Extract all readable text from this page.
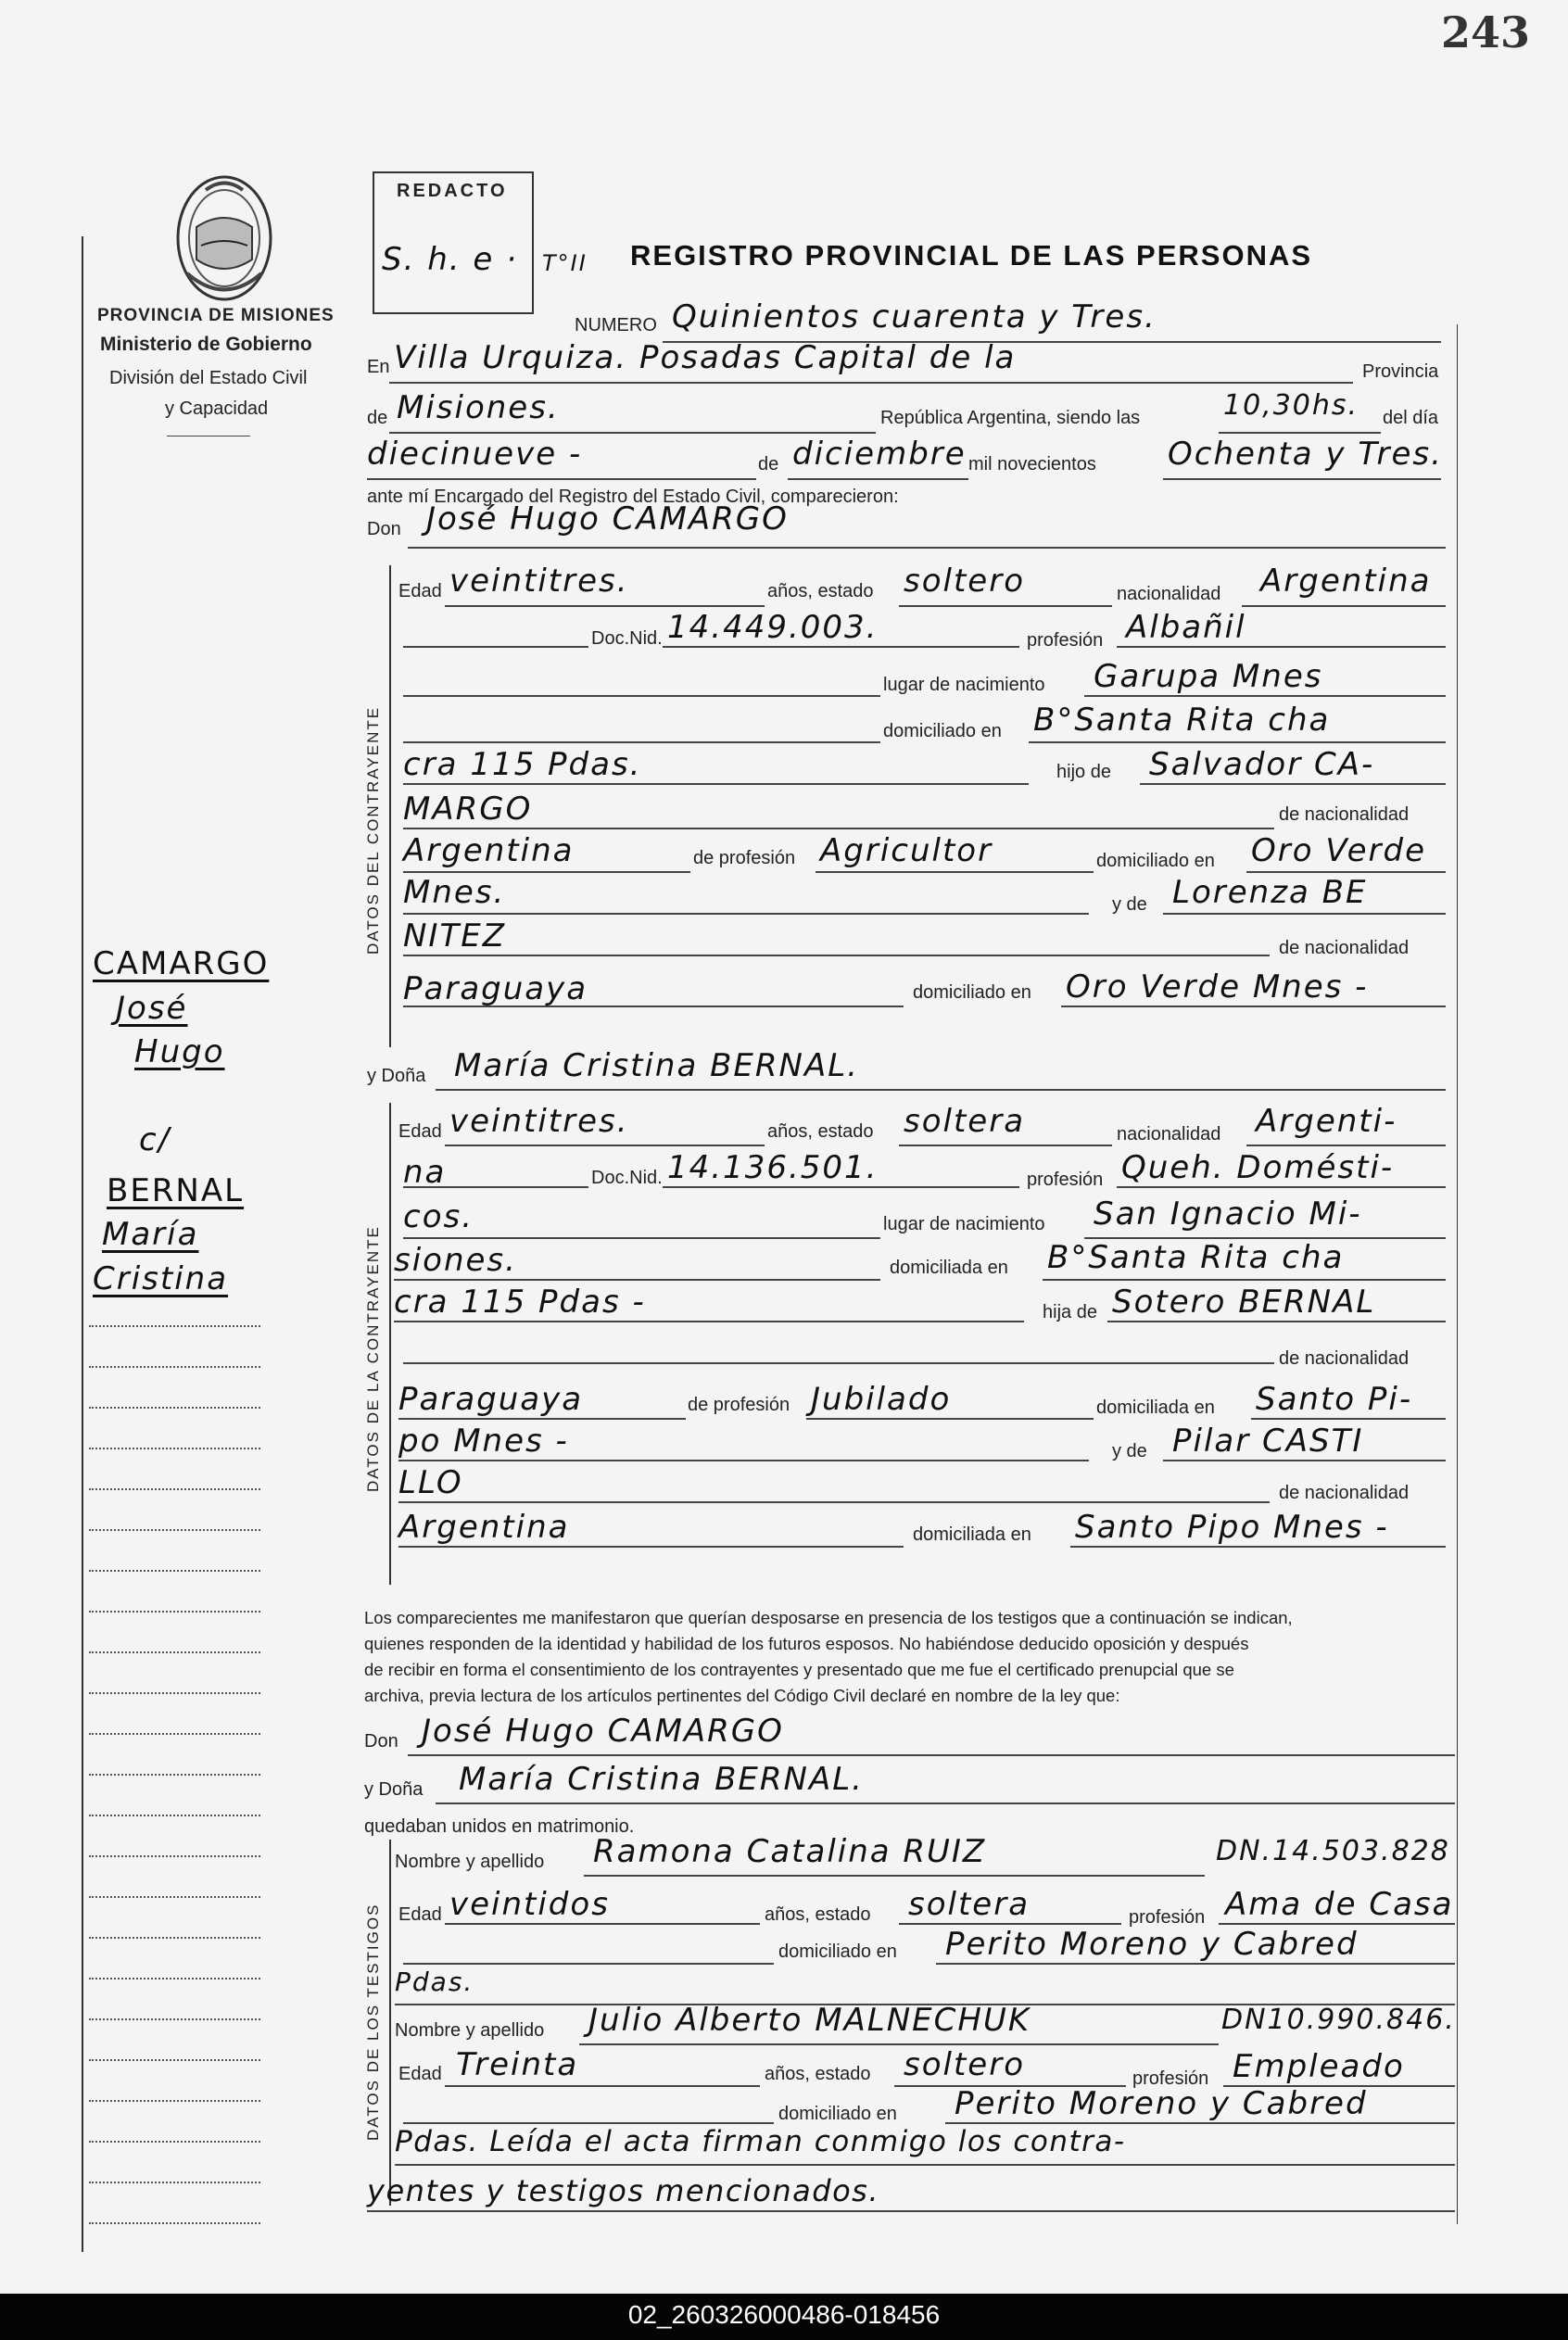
243
PROVINCIA DE MISIONES
Ministerio de Gobierno
División del Estado Civil
y Capacidad
REDACTO
S. h. e · T°II REGISTRO PROVINCIAL DE LAS PERSONAS
NUMERO Quinientos cuarenta y Tres.
En Villa Urquiza. Posadas Capital de la	Provincia
de Misiones.	República Argentina, siendo las	10,30hs. del día
diecinueve -	de diciembre mil novecientos Ochenta y Tres.
ante mí Encargado del Registro del Estado Civil, comparecieron:
Don José Hugo CAMARGO
DATOS DEL CONTRAYENTE
Edad veintitres.	años, estado soltero	nacionalidad Argentina
Doc.Nid. 14.449.003.	profesión Albañil
lugar de nacimiento Garupa Mnes
domiciliado en B°Santa Rita cha
cra 115 Pdas.	hijo de Salvador CA-
MARGO	de nacionalidad
Argentina	de profesión Agricultor	domiciliado en Oro Verde
Mnes.	y de Lorenza BE
NITEZ	de nacionalidad
Paraguaya	domiciliado en Oro Verde Mnes -
y Doña María Cristina BERNAL.
DATOS DE LA CONTRAYENTE
Edad veintitres.	años, estado soltera	nacionalidad Argenti-
na	Doc.Nid. 14.136.501.	profesión Queh. Domésti-
cos.	lugar de nacimiento San Ignacio Mi-
siones.	domiciliada en B°Santa Rita cha
cra 115 Pdas -	hija de Sotero BERNAL
de nacionalidad
Paraguaya	de profesión Jubilado	domiciliada en Santo Pi-
po Mnes -	y de Pilar CASTI
LLO	de nacionalidad
Argentina	domiciliada en Santo Pipo Mnes -
Los comparecientes me manifestaron que querían desposarse en presencia de los testigos que a continuación se indican,
quienes responden de la identidad y habilidad de los futuros esposos. No habiéndose deducido oposición y después
de recibir en forma el consentimiento de los contrayentes y presentado que me fue el certificado prenupcial que se
archiva, previa lectura de los artículos pertinentes del Código Civil declaré en nombre de la ley que:
Don José Hugo CAMARGO
y Doña María Cristina BERNAL.
quedaban unidos en matrimonio.
DATOS DE LOS TESTIGOS
Nombre y apellido Ramona Catalina RUIZ	DN.14.503.828
Edad veintidos	años, estado soltera	profesión Ama de Casa
domiciliado en Perito Moreno y Cabred
Pdas.
Nombre y apellido Julio Alberto MALNECHUK	DN10.990.846.
Edad Treinta	años, estado soltero	profesión Empleado
domiciliado en Perito Moreno y Cabred
Pdas. Leída el acta firman conmigo los contra-
yentes y testigos mencionados.
CAMARGO
José
Hugo
c/
BERNAL
María
Cristina
02_260326000486-018456
